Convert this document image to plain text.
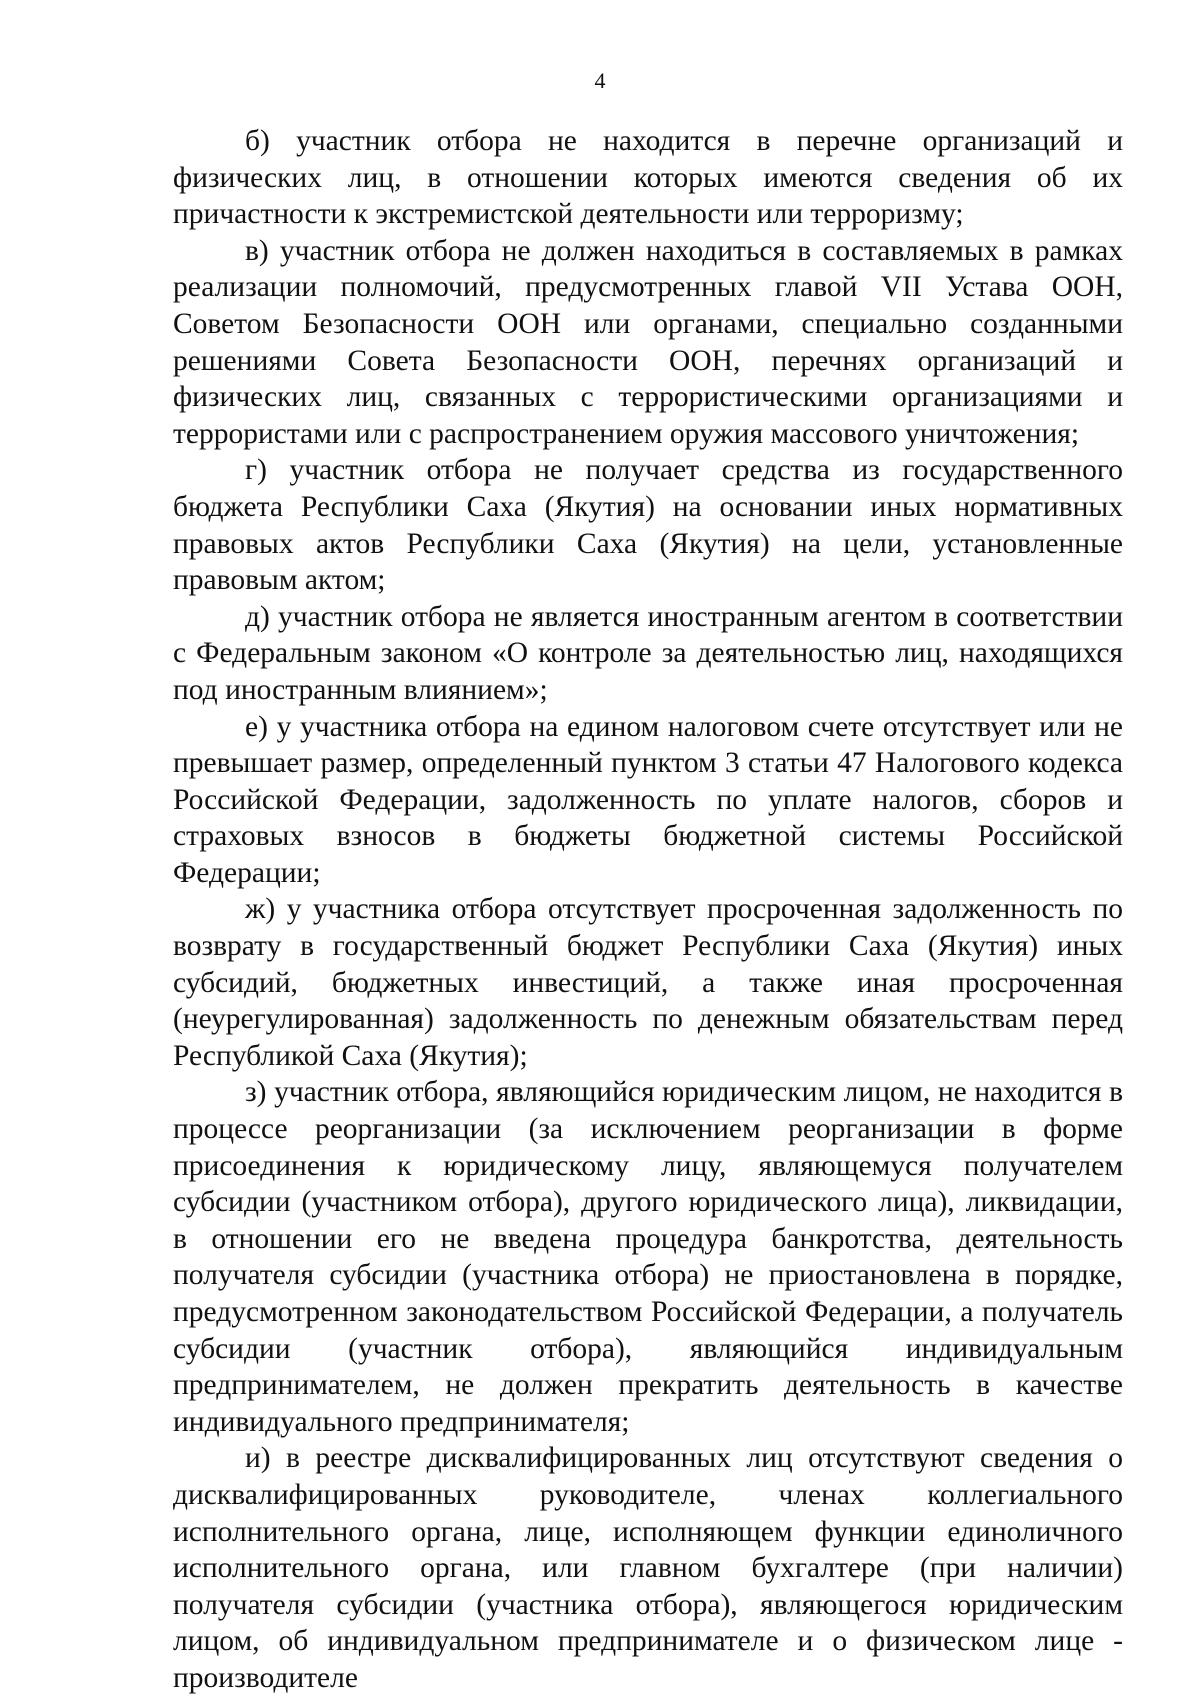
4

б) участник отбора не находится в перечне организаций и физических лиц, в отношении которых имеются сведения об их причастности к экстремистской деятельности или терроризму;

в) участник отбора не должен находиться в составляемых в рамках реализации полномочий, предусмотренных главой VII Устава ООН, Советом Безопасности ООН или органами, специально созданными решениями Совета Безопасности ООН, перечнях организаций и физических лиц, связанных с террористическими организациями и террористами или с распространением оружия массового уничтожения;

г) участник отбора не получает средства из государственного бюджета Республики Саха (Якутия) на основании иных нормативных правовых актов Республики Саха (Якутия) на цели, установленные правовым актом;

д) участник отбора не является иностранным агентом в соответствии с Федеральным законом «О контроле за деятельностью лиц, находящихся под иностранным влиянием»;

е) у участника отбора на едином налоговом счете отсутствует или не превышает размер, определенный пунктом 3 статьи 47 Налогового кодекса Российской Федерации, задолженность по уплате налогов, сборов и страховых взносов в бюджеты бюджетной системы Российской Федерации;

ж) у участника отбора отсутствует просроченная задолженность по возврату в государственный бюджет Республики Саха (Якутия) иных субсидий, бюджетных инвестиций, а также иная просроченная (неурегулированная) задолженность по денежным обязательствам перед Республикой Саха (Якутия);

з) участник отбора, являющийся юридическим лицом, не находится в процессе реорганизации (за исключением реорганизации в форме присоединения к юридическому лицу, являющемуся получателем субсидии (участником отбора), другого юридического лица), ликвидации, в отношении его не введена процедура банкротства, деятельность получателя субсидии (участника отбора) не приостановлена в порядке, предусмотренном законодательством Российской Федерации, а получатель субсидии (участник отбора), являющийся индивидуальным предпринимателем, не должен прекратить деятельность в качестве индивидуального предпринимателя;

и) в реестре дисквалифицированных лиц отсутствуют сведения о дисквалифицированных руководителе, членах коллегиального исполнительного органа, лице, исполняющем функции единоличного исполнительного органа, или главном бухгалтере (при наличии) получателя субсидии (участника отбора), являющегося юридическим лицом, об индивидуальном предпринимателе и о физическом лице - производителе
